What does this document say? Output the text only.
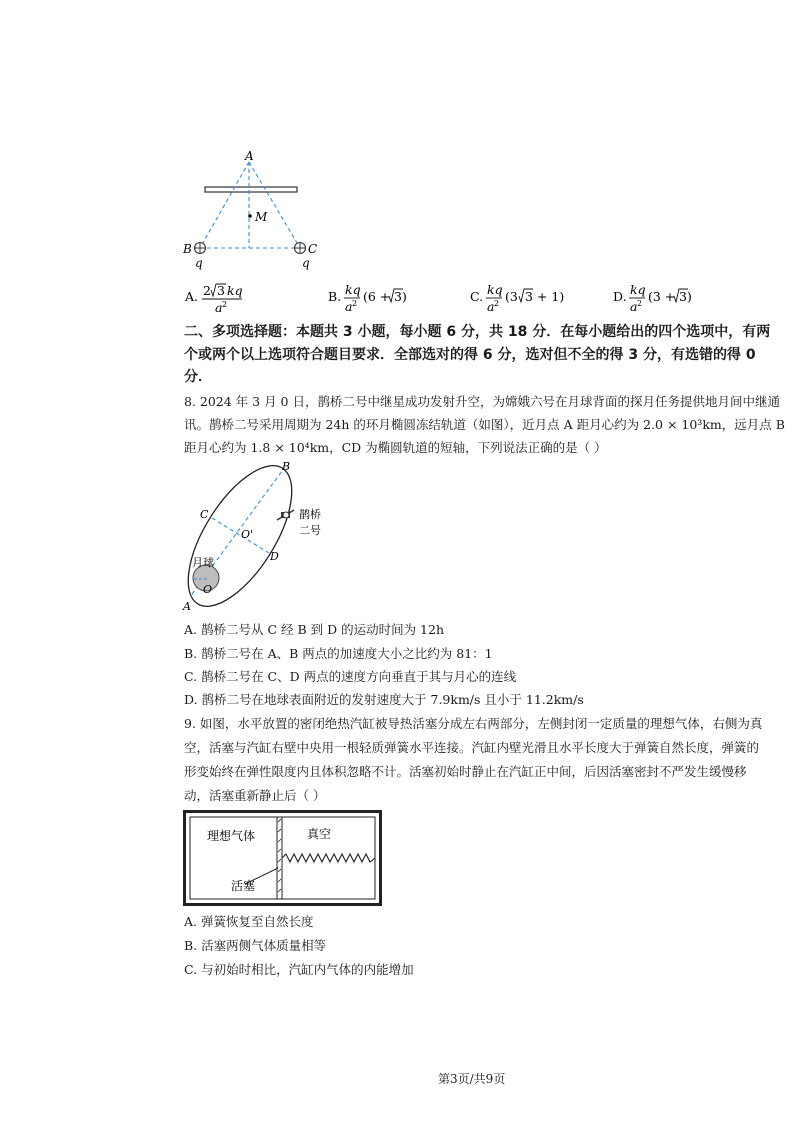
A
M
B	C
q	q
A. 2 3 kq
a 2
B. kq
a 2 (6 + 3)	C. kq
a 2 (3 3 + 1)	D. kq
a 2 (3 + 3)
二、多项选择题：本题共 3 小题，每小题 6 分，共 18 分．在每小题给出的四个选项中，有两
个或两个以上选项符合题目要求．全部选对的得 6 分，选对但不全的得 3 分，有选错的得 0
分．
8. 2024 年 3 月 0 日，鹊桥二号中继星成功发射升空，为嫦娥六号在月球背面的探月任务提供地月间中继通
讯。鹊桥二号采用周期为 24h 的环月椭圆冻结轨道（如图），近月点 A 距月心约为 2.0 × 10³km，远月点 B
距月心约为 1.8 × 10⁴km，CD 为椭圆轨道的短轴，下列说法正确的是（ ）
B
C
D
O'
O
A
月球
鹊桥
二号
A. 鹊桥二号从 C 经 B 到 D 的运动时间为 12h
B. 鹊桥二号在 A、B 两点的加速度大小之比约为 81：1
C. 鹊桥二号在 C、D 两点的速度方向垂直于其与月心的连线
D. 鹊桥二号在地球表面附近的发射速度大于 7.9km/s 且小于 11.2km/s
9. 如图，水平放置的密闭绝热汽缸被导热活塞分成左右两部分，左侧封闭一定质量的理想气体，右侧为真
空，活塞与汽缸右壁中央用一根轻质弹簧水平连接。汽缸内壁光滑且水平长度大于弹簧自然长度，弹簧的
形变始终在弹性限度内且体积忽略不计。活塞初始时静止在汽缸正中间，后因活塞密封不严发生缓慢移
动，活塞重新静止后（ ）
理想气体	真空
活塞
A. 弹簧恢复至自然长度
B. 活塞两侧气体质量相等
C. 与初始时相比，汽缸内气体的内能增加
第3页/共9页
